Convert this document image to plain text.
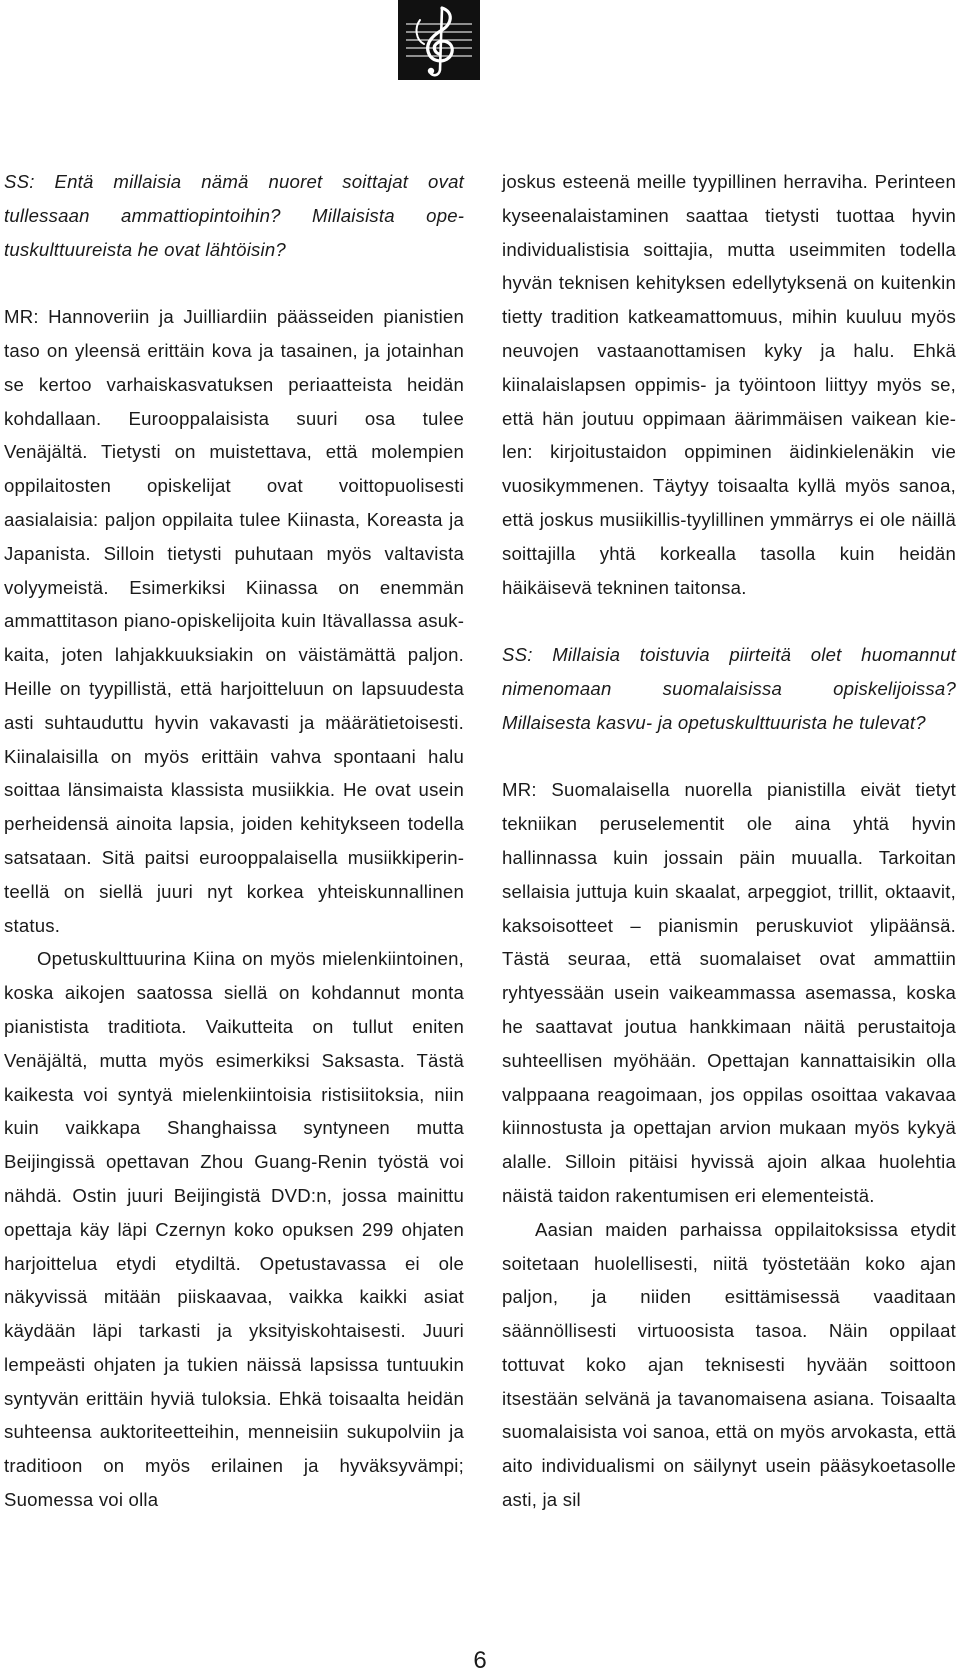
SS: Entä millaisia nämä nuoret soittajat ovat tullessaan ammattiopintoihin? Millaisista opetuskulttuureista he ovat lähtöisin?

MR: Hannoveriin ja Juilliardiin päässeiden pianistien taso on yleensä erittäin kova ja tasainen, ja jotainhan se kertoo varhaiskasvatuksen periaatteista heidän kohdallaan. Eurooppalaisista suuri osa tulee Venäjältä. Tietysti on muistettava, että molempien oppilaitosten opiskelijat ovat voittopuolisesti aasialaisia: paljon oppilaita tulee Kiinasta, Koreasta ja Japanista. Silloin tietysti puhutaan myös valtavista volyymeistä. Esimerkiksi Kiinassa on enemmän ammattitason piano-opiskelijoita kuin Itävallassa asukkaita, joten lahjakkuuksiakin on väistämättä paljon. Heille on tyypillistä, että harjoitteluun on lapsuudesta asti suhtauduttu hyvin vakavasti ja määrätietoisesti. Kiinalaisilla on myös erittäin vahva spontaani halu soittaa länsimaista klassista musiikkia. He ovat usein perheidensä ainoita lapsia, joiden kehitykseen todella satsataan. Sitä paitsi eurooppalaisella musiikkiperinteellä on siellä juuri nyt korkea yhteiskunnallinen status.

Opetuskulttuurina Kiina on myös mielenkiintoinen, koska aikojen saatossa siellä on kohdannut monta pianistista traditiota. Vaikutteita on tullut eniten Venäjältä, mutta myös esimerkiksi Saksasta. Tästä kaikesta voi syntyä mielenkiintoisia ristisiitoksia, niin kuin vaikkapa Shanghaissa syntyneen mutta Beijingissä opettavan Zhou Guang-Renin työstä voi nähdä. Ostin juuri Beijingistä DVD:n, jossa mainittu opettaja käy läpi Czernyn koko opuksen 299 ohjaten harjoittelua etydi etydiltä. Opetustavassa ei ole näkyvissä mitään piiskaavaa, vaikka kaikki asiat käydään läpi tarkasti ja yksityiskohtaisesti. Juuri lempeästi ohjaten ja tukien näissä lapsissa tuntuukin syntyvän erittäin hyviä tuloksia. Ehkä toisaalta heidän suhteensa auktoriteetteihin, menneisiin sukupolviin ja traditioon on myös erilainen ja hyväksyvämpi; Suomessa voi olla

joskus esteenä meille tyypillinen herraviha. Perinteen kyseenalaistaminen saattaa tietysti tuottaa hyvin individualistisia soittajia, mutta useimmiten todella hyvän teknisen kehityksen edellytyksenä on kuitenkin tietty tradition katkeamattomuus, mihin kuuluu myös neuvojen vastaanottamisen kyky ja halu. Ehkä kiinalaislapsen oppimis- ja työintoon liittyy myös se, että hän joutuu oppimaan äärimmäisen vaikean kielen: kirjoitustaidon oppiminen äidinkielenäkin vie vuosikymmenen. Täytyy toisaalta kyllä myös sanoa, että joskus musiikillis-tyylillinen ymmärrys ei ole näillä soittajilla yhtä korkealla tasolla kuin heidän häikäisevä tekninen taitonsa.

SS: Millaisia toistuvia piirteitä olet huomannut nimenomaan suomalaisissa opiskelijoissa? Millaisesta kasvu- ja opetuskulttuurista he tulevat?

MR: Suomalaisella nuorella pianistilla eivät tietyt tekniikan peruselementit ole aina yhtä hyvin hallinnassa kuin jossain päin muualla. Tarkoitan sellaisia juttuja kuin skaalat, arpeggiot, trillit, oktaavit, kaksoisotteet – pianismin peruskuviot ylipäänsä. Tästä seuraa, että suomalaiset ovat ammattiin ryhtyessään usein vaikeammassa asemassa, koska he saattavat joutua hankkimaan näitä perustaitoja suhteellisen myöhään. Opettajan kannattaisikin olla valppaana reagoimaan, jos oppilas osoittaa vakavaa kiinnostusta ja opettajan arvion mukaan myös kykyä alalle. Silloin pitäisi hyvissä ajoin alkaa huolehtia näistä taidon rakentumisen eri elementeistä.

Aasian maiden parhaissa oppilaitoksissa etydit soitetaan huolellisesti, niitä työstetään koko ajan paljon, ja niiden esittämisessä vaaditaan säännöllisesti virtuoosista tasoa. Näin oppilaat tottuvat koko ajan teknisesti hyvään soittoon itsestään selvänä ja tavanomaisena asiana. Toisaalta suomalaisista voi sanoa, että on myös arvokasta, että aito individualismi on säilynyt usein pääsykoetasolle asti, ja sil

6
